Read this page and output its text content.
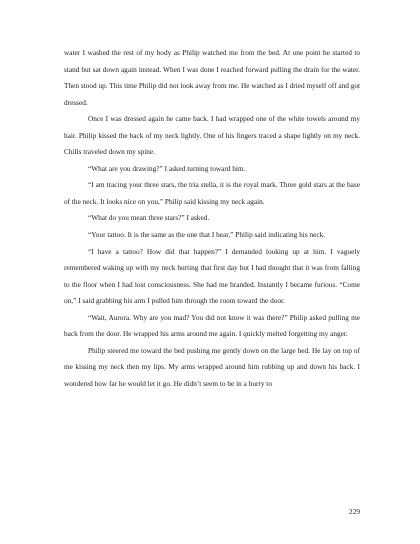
water I washed the rest of my body as Philip watched me from the bed. At one point he started to stand but sat down again instead. When I was done I reached forward pulling the drain for the water. Then stood up. This time Philip did not look away from me. He watched as I dried myself off and got dressed.

Once I was dressed again he came back. I had wrapped one of the white towels around my hair. Philip kissed the back of my neck lightly. One of his fingers traced a shape lightly on my neck. Chills traveled down my spine.

“What are you drawing?” I asked turning toward him.

“I am tracing your three stars, the tria stella, it is the royal mark. Three gold stars at the base of the neck. It looks nice on you,” Philip said kissing my neck again.

“What do you mean three stars?” I asked.

“Your tattoo. It is the same as the one that I bear,” Philip said indicating his neck.

“I have a tattoo? How did that happen?” I demanded looking up at him. I vaguely remembered waking up with my neck hurting that first day but I had thought that it was from falling to the floor when I had lost consciousness. She had me branded. Instantly I became furious. “Come on,” I said grabbing his arm I pulled him through the room toward the door.

“Wait, Aurora. Why are you mad? You did not know it was there?” Philip asked pulling me back from the door. He wrapped his arms around me again. I quickly melted forgetting my anger.

Philip steered me toward the bed pushing me gently down on the large bed. He lay on top of me kissing my neck then my lips. My arms wrapped around him rubbing up and down his back. I wondered how far he would let it go. He didn’t seem to be in a hurry to

229
